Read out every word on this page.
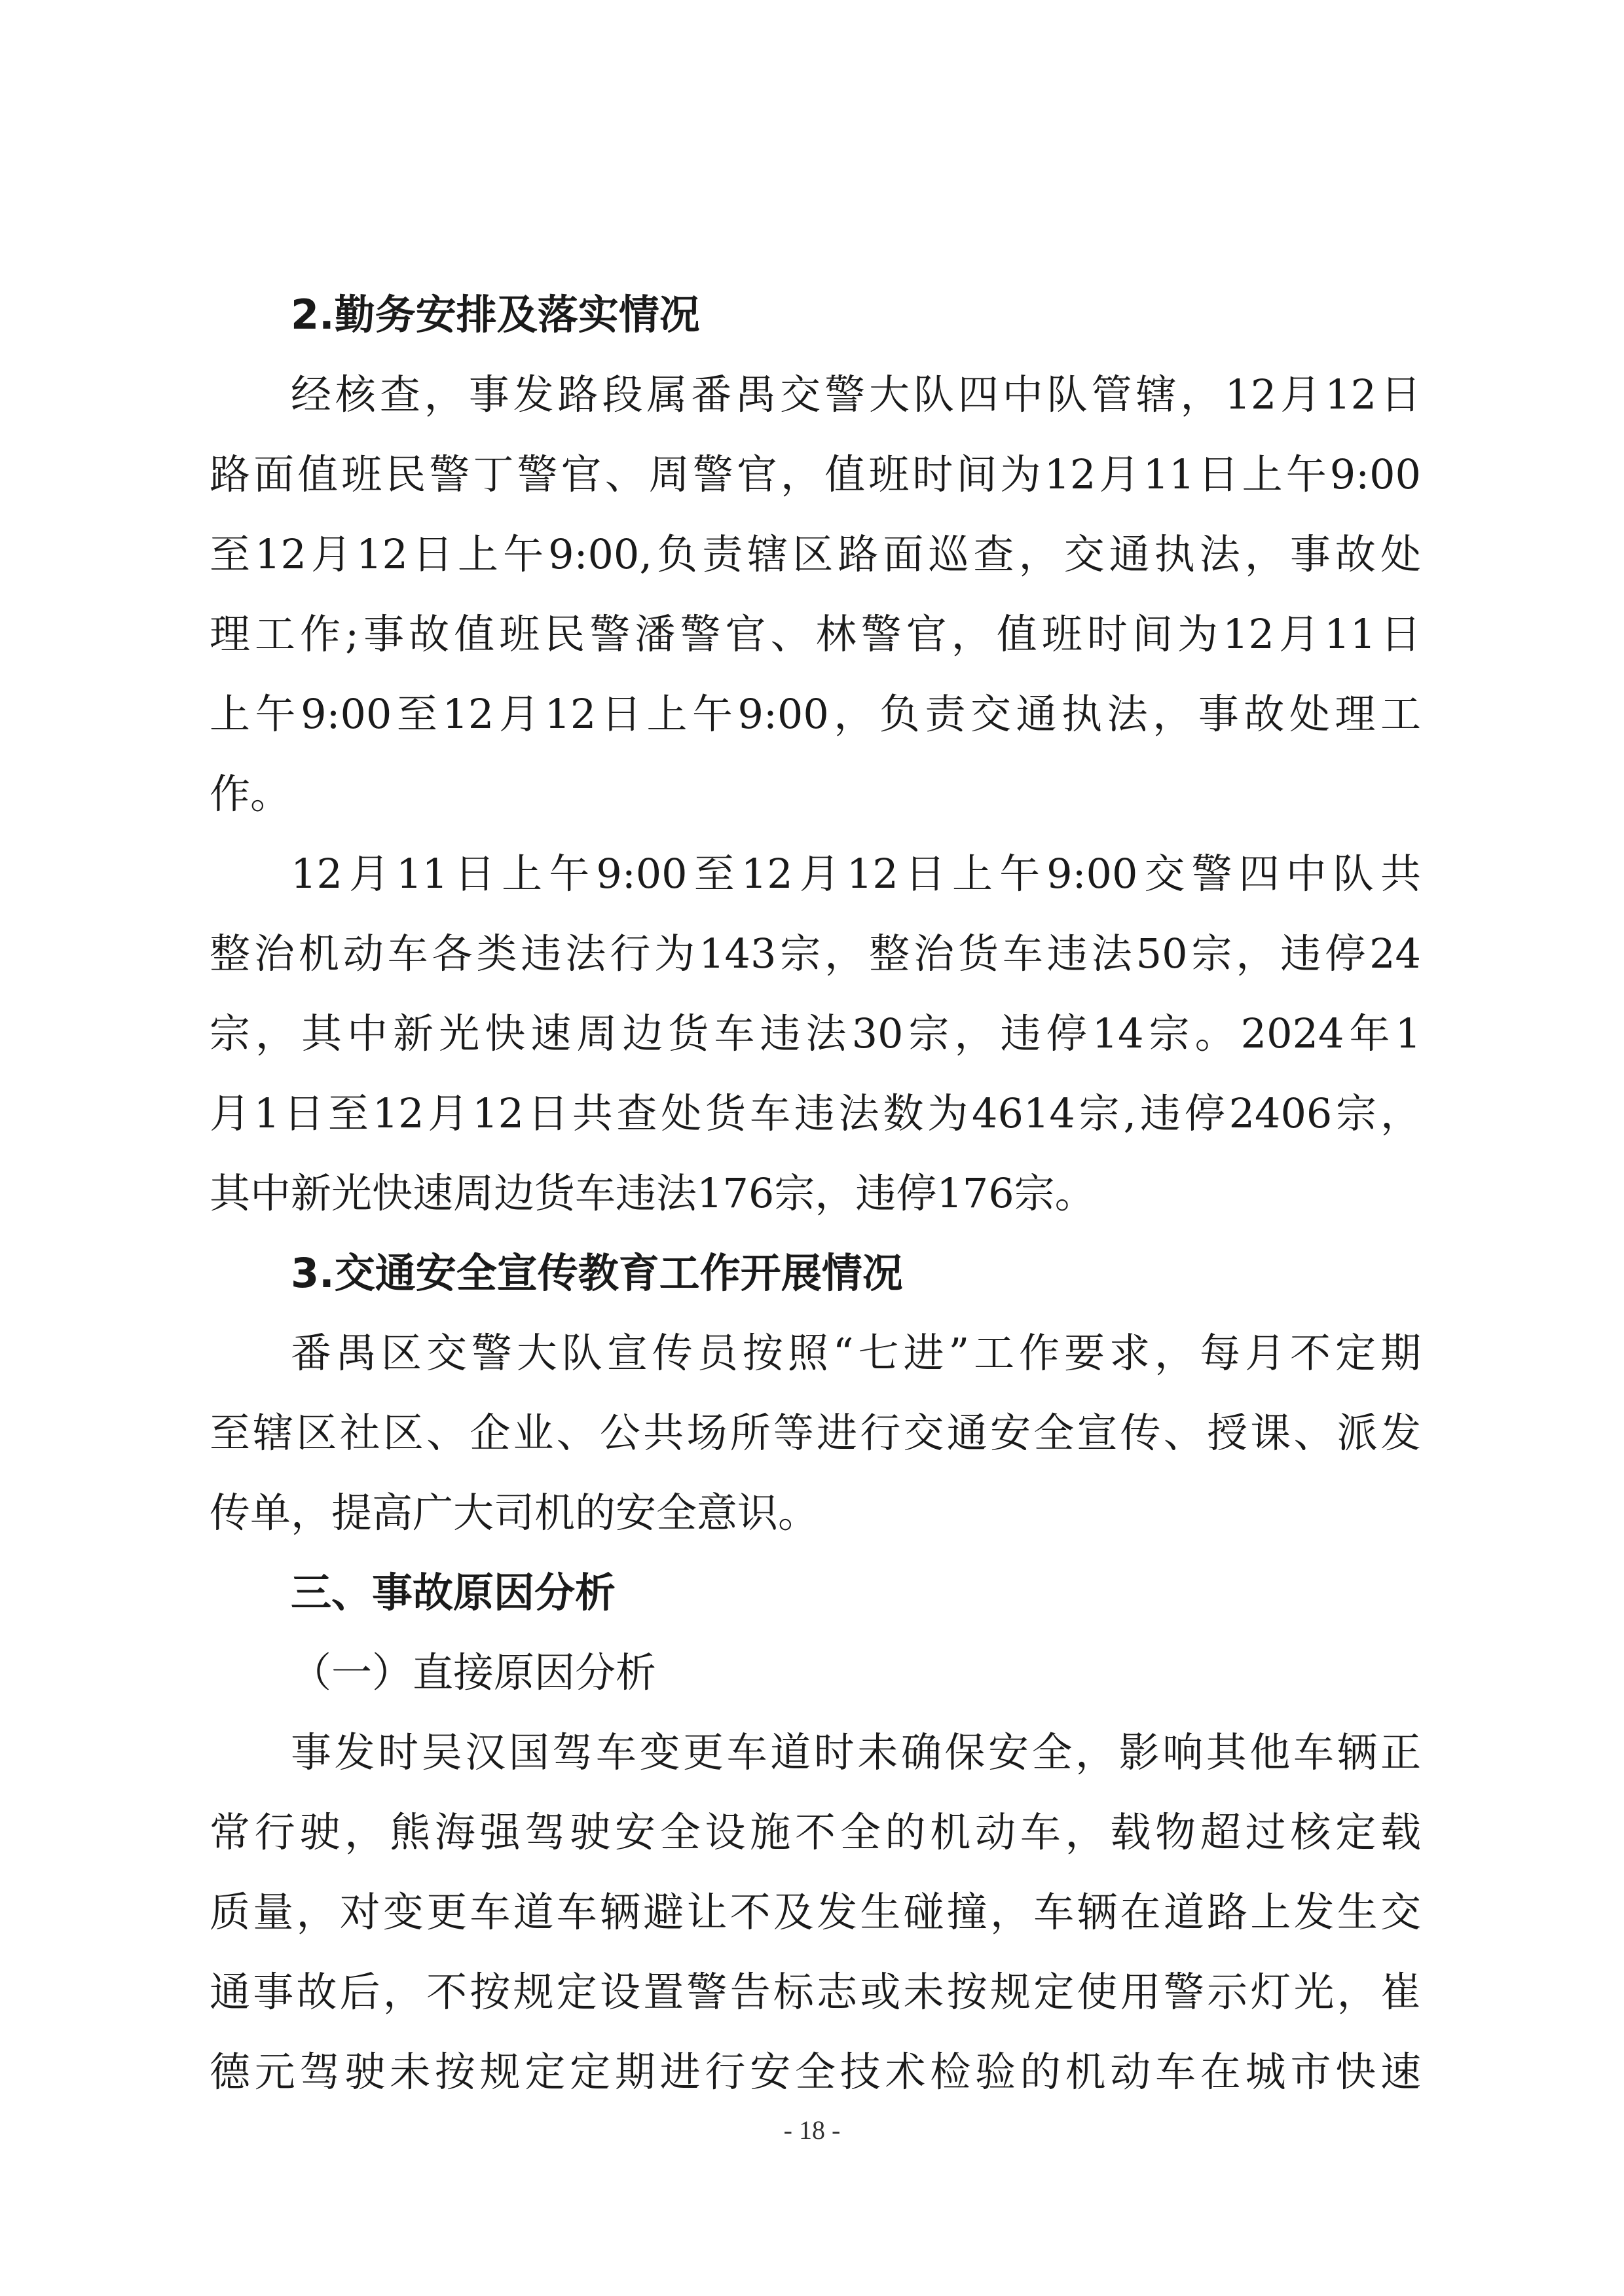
2.勤务安排及落实情况
经核查，事发路段属番禺交警大队四中队管辖，12月12日
路面值班民警丁警官、周警官，值班时间为12月11日上午9:00
至12月12日上午9:00,负责辖区路面巡查，交通执法，事故处
理工作;事故值班民警潘警官、林警官，值班时间为12月11日
上午9:00至12月12日上午9:00，负责交通执法，事故处理工
作。
12月11日上午9:00至12月12日上午9:00交警四中队共
整治机动车各类违法行为143宗，整治货车违法50宗，违停24
宗，其中新光快速周边货车违法30宗，违停14宗。2024年1
月1日至12月12日共查处货车违法数为4614宗,违停2406宗，
其中新光快速周边货车违法176宗，违停176宗。
3.交通安全宣传教育工作开展情况
番禺区交警大队宣传员按照“七进”工作要求，每月不定期
至辖区社区、企业、公共场所等进行交通安全宣传、授课、派发
传单，提高广大司机的安全意识。
三、事故原因分析
（一）直接原因分析
事发时吴汉国驾车变更车道时未确保安全，影响其他车辆正
常行驶，熊海强驾驶安全设施不全的机动车，载物超过核定载
质量，对变更车道车辆避让不及发生碰撞，车辆在道路上发生交
通事故后，不按规定设置警告标志或未按规定使用警示灯光，崔
德元驾驶未按规定定期进行安全技术检验的机动车在城市快速
- 18 -
